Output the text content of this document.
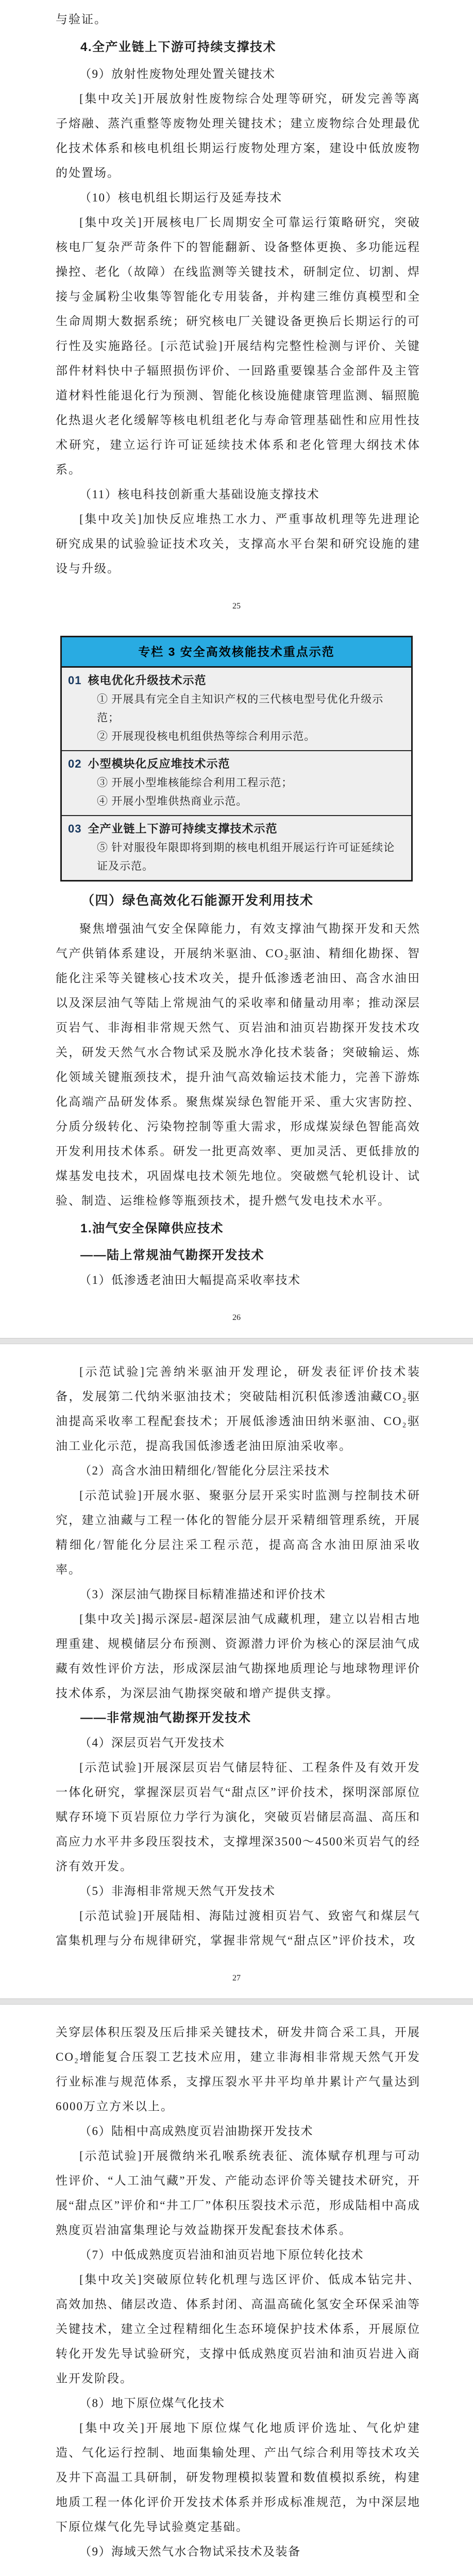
与验证。
4.全产业链上下游可持续支撑技术
（9）放射性废物处理处置关键技术
[集中攻关]开展放射性废物综合处理等研究，研发完善等离子熔融、蒸汽重整等废物处理关键技术；建立废物综合处理最优化技术体系和核电机组长期运行废物处理方案，建设中低放废物的处置场。
（10）核电机组长期运行及延寿技术
[集中攻关]开展核电厂长周期安全可靠运行策略研究，突破核电厂复杂严苛条件下的智能翻新、设备整体更换、多功能远程操控、老化（故障）在线监测等关键技术，研制定位、切割、焊接与金属粉尘收集等智能化专用装备，并构建三维仿真模型和全生命周期大数据系统；研究核电厂关键设备更换后长期运行的可行性及实施路径。[示范试验]开展结构完整性检测与评价、关键部件材料快中子辐照损伤评价、一回路重要镍基合金部件及主管道材料性能退化行为预测、智能化核设施健康管理监测、辐照脆化热退火老化缓解等核电机组老化与寿命管理基础性和应用性技术研究，建立运行许可证延续技术体系和老化管理大纲技术体系。
（11）核电科技创新重大基础设施支撑技术
[集中攻关]加快反应堆热工水力、严重事故机理等先进理论研究成果的试验验证技术攻关，支撑高水平台架和研究设施的建设与升级。
25
专栏 3 安全高效核能技术重点示范
01 核电优化升级技术示范
① 开展具有完全自主知识产权的三代核电型号优化升级示范；
② 开展现役核电机组供热等综合利用示范。
02 小型模块化反应堆技术示范
③ 开展小型堆核能综合利用工程示范；
④ 开展小型堆供热商业示范。
03 全产业链上下游可持续支撑技术示范
⑤ 针对服役年限即将到期的核电机组开展运行许可证延续论证及示范。
（四）绿色高效化石能源开发利用技术
聚焦增强油气安全保障能力，有效支撑油气勘探开发和天然气产供销体系建设，开展纳米驱油、CO₂驱油、精细化勘探、智能化注采等关键核心技术攻关，提升低渗透老油田、高含水油田以及深层油气等陆上常规油气的采收率和储量动用率；推动深层页岩气、非海相非常规天然气、页岩油和油页岩勘探开发技术攻关，研发天然气水合物试采及脱水净化技术装备；突破输运、炼化领域关键瓶颈技术，提升油气高效输运技术能力，完善下游炼化高端产品研发体系。聚焦煤炭绿色智能开采、重大灾害防控、分质分级转化、污染物控制等重大需求，形成煤炭绿色智能高效开发利用技术体系。研发一批更高效率、更加灵活、更低排放的煤基发电技术，巩固煤电技术领先地位。突破燃气轮机设计、试验、制造、运维检修等瓶颈技术，提升燃气发电技术水平。
1.油气安全保障供应技术
——陆上常规油气勘探开发技术
（1）低渗透老油田大幅提高采收率技术
26
[示范试验]完善纳米驱油开发理论，研发表征评价技术装备，发展第二代纳米驱油技术；突破陆相沉积低渗透油藏CO₂驱油提高采收率工程配套技术；开展低渗透油田纳米驱油、CO₂驱油工业化示范，提高我国低渗透老油田原油采收率。
（2）高含水油田精细化/智能化分层注采技术
[示范试验]开展水驱、聚驱分层开采实时监测与控制技术研究，建立油藏与工程一体化的智能分层开采精细管理系统，开展精细化/智能化分层注采工程示范，提高高含水油田原油采收率。
（3）深层油气勘探目标精准描述和评价技术
[集中攻关]揭示深层-超深层油气成藏机理，建立以岩相古地理重建、规模储层分布预测、资源潜力评价为核心的深层油气成藏有效性评价方法，形成深层油气勘探地质理论与地球物理评价技术体系，为深层油气勘探突破和增产提供支撑。
——非常规油气勘探开发技术
（4）深层页岩气开发技术
[示范试验]开展深层页岩气储层特征、工程条件及有效开发一体化研究，掌握深层页岩气“甜点区”评价技术，探明深部原位赋存环境下页岩原位力学行为演化，突破页岩储层高温、高压和高应力水平井多段压裂技术，支撑埋深3500～4500米页岩气的经济有效开发。
（5）非海相非常规天然气开发技术
[示范试验]开展陆相、海陆过渡相页岩气、致密气和煤层气富集机理与分布规律研究，掌握非常规气“甜点区”评价技术，攻
27
关穿层体积压裂及压后排采关键技术，研发井筒合采工具，开展CO₂增能复合压裂工艺技术应用，建立非海相非常规天然气开发行业标准与规范体系，支撑压裂水平井平均单井累计产气量达到6000万立方米以上。
（6）陆相中高成熟度页岩油勘探开发技术
[示范试验]开展微纳米孔喉系统表征、流体赋存机理与可动性评价、“人工油气藏”开发、产能动态评价等关键技术研究，开展“甜点区”评价和“井工厂”体积压裂技术示范，形成陆相中高成熟度页岩油富集理论与效益勘探开发配套技术体系。
（7）中低成熟度页岩油和油页岩地下原位转化技术
[集中攻关]突破原位转化机理与选区评价、低成本钻完井、高效加热、储层改造、体系封闭、高温高硫化氢安全环保采油等关键技术，建立全过程精细化生态环境保护技术体系，开展原位转化开发先导试验研究，支撑中低成熟度页岩油和油页岩进入商业开发阶段。
（8）地下原位煤气化技术
[集中攻关]开展地下原位煤气化地质评价选址、气化炉建造、气化运行控制、地面集输处理、产出气综合利用等技术攻关及井下高温工具研制，研发物理模拟装置和数值模拟系统，构建地质工程一体化评价开发技术体系并形成标准规范，为中深层地下原位煤气化先导试验奠定基础。
（9）海域天然气水合物试采技术及装备
